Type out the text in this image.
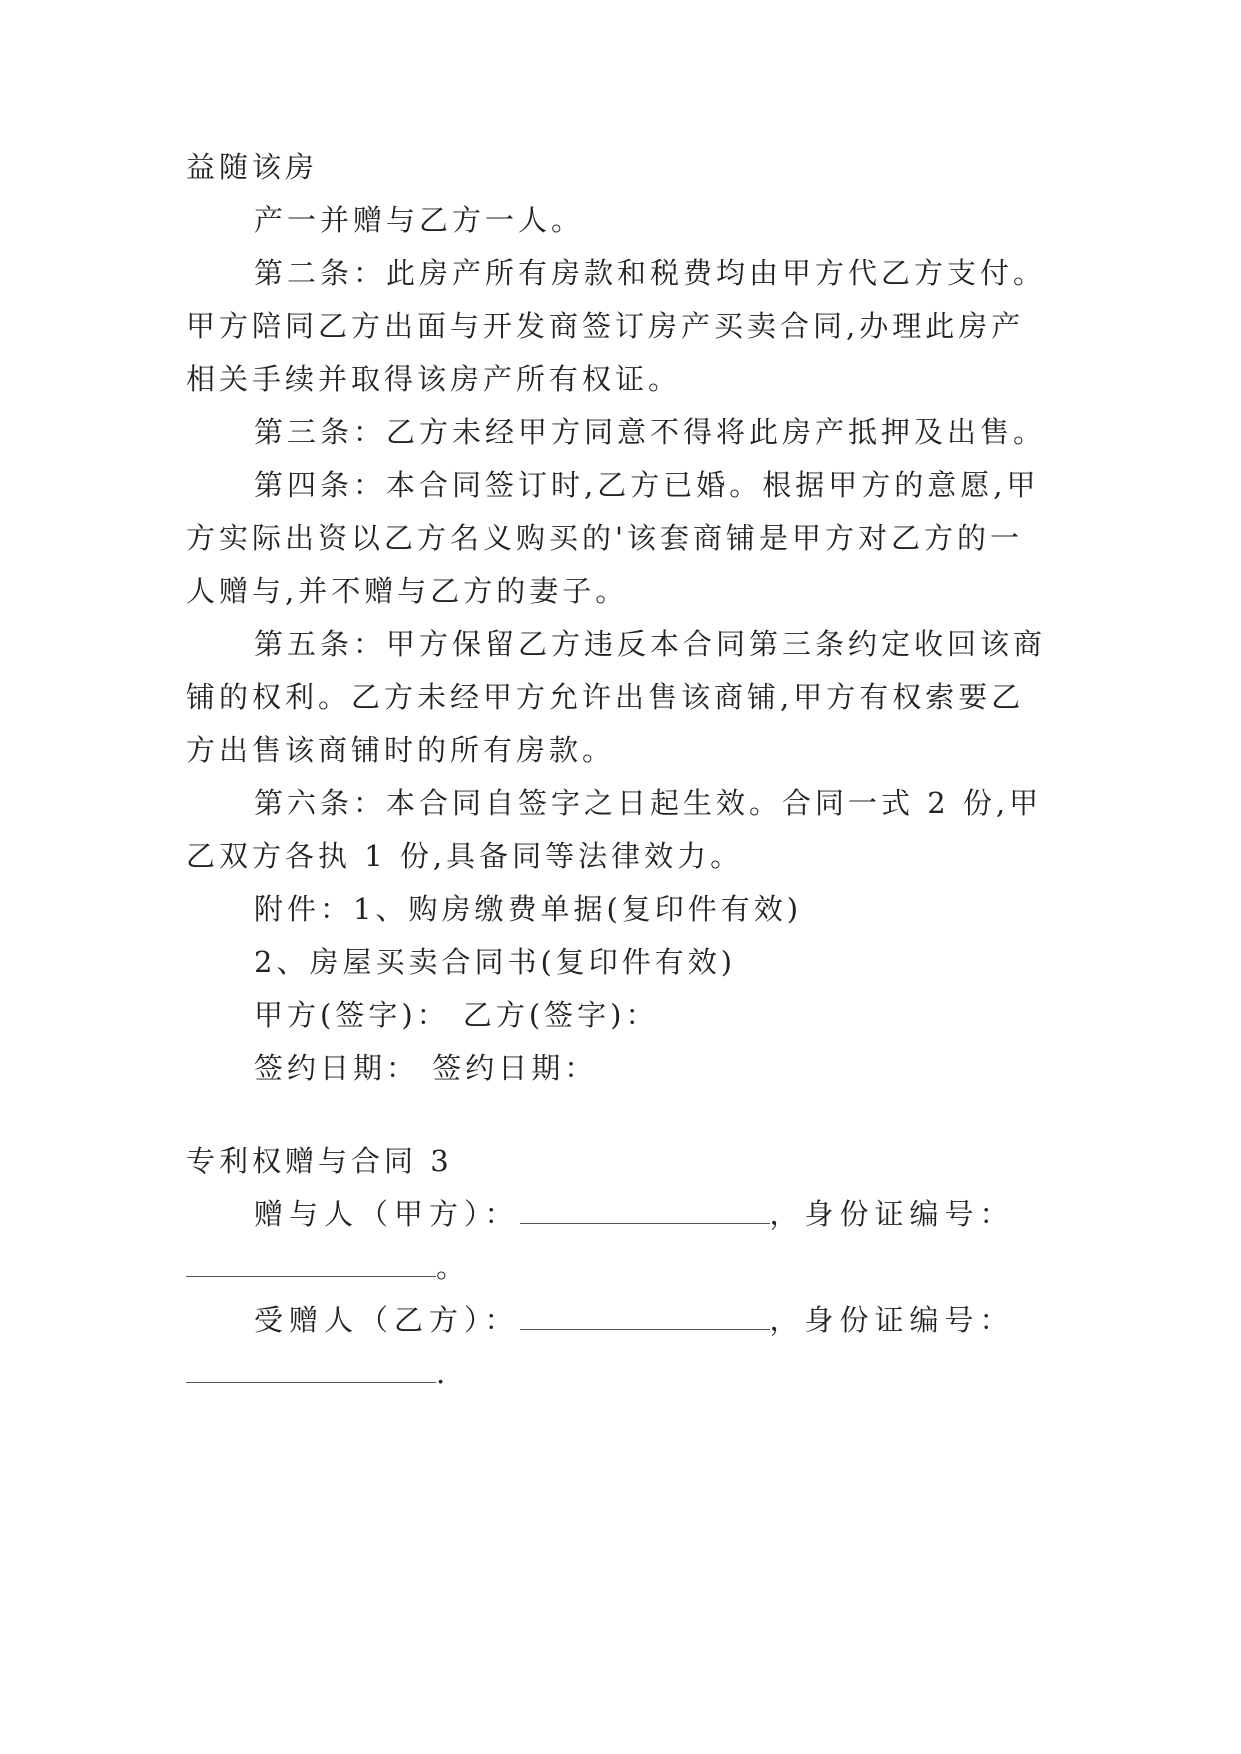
益随该房
产一并赠与乙方一人。
第二条：此房产所有房款和税费均由甲方代乙方支付。
甲方陪同乙方出面与开发商签订房产买卖合同,办理此房产
相关手续并取得该房产所有权证。
第三条：乙方未经甲方同意不得将此房产抵押及出售。
第四条：本合同签订时,乙方已婚。根据甲方的意愿,甲
方实际出资以乙方名义购买的'该套商铺是甲方对乙方的一
人赠与,并不赠与乙方的妻子。
第五条：甲方保留乙方违反本合同第三条约定收回该商
铺的权利。乙方未经甲方允许出售该商铺,甲方有权索要乙
方出售该商铺时的所有房款。
第六条：本合同自签字之日起生效。合同一式 2 份,甲
乙双方各执 1 份,具备同等法律效力。
附件：1、购房缴费单据(复印件有效)
2、房屋买卖合同书(复印件有效)
甲方(签字)： 乙方(签字)：
签约日期： 签约日期：
专利权赠与合同 3
赠与人（甲方）：	，身份证编号：
。
受赠人（乙方）：	，身份证编号：
.
